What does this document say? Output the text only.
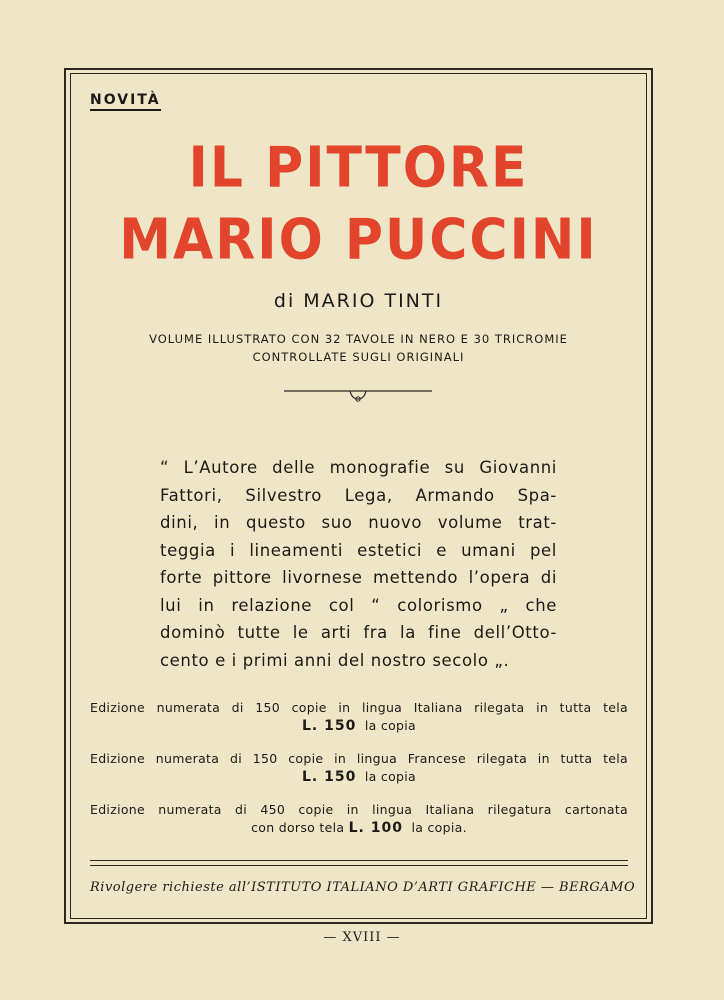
NOVITÀ
IL PITTORE
MARIO PUCCINI
di MARIO TINTI
VOLUME ILLUSTRATO CON 32 TAVOLE IN NERO E 30 TRICROMIE
CONTROLLATE SUGLI ORIGINALI
“ L’Autore delle monografie su Giovanni
Fattori, Silvestro Lega, Armando Spa-
dini, in questo suo nuovo volume trat-
teggia i lineamenti estetici e umani pel
forte pittore livornese mettendo l’opera di
lui in relazione col “ colorismo „ che
dominò tutte le arti fra la fine dell’Otto-
cento e i primi anni del nostro secolo „.
Edizione numerata di 150 copie in lingua Italiana rilegata in tutta tela
L. 150 la copia
Edizione numerata di 150 copie in lingua Francese rilegata in tutta tela
L. 150 la copia
Edizione numerata di 450 copie in lingua Italiana rilegatura cartonata
con dorso tela L. 100 la copia.
Rivolgere richieste all’ISTITUTO ITALIANO D’ARTI GRAFICHE — BERGAMO
— XVIII —
